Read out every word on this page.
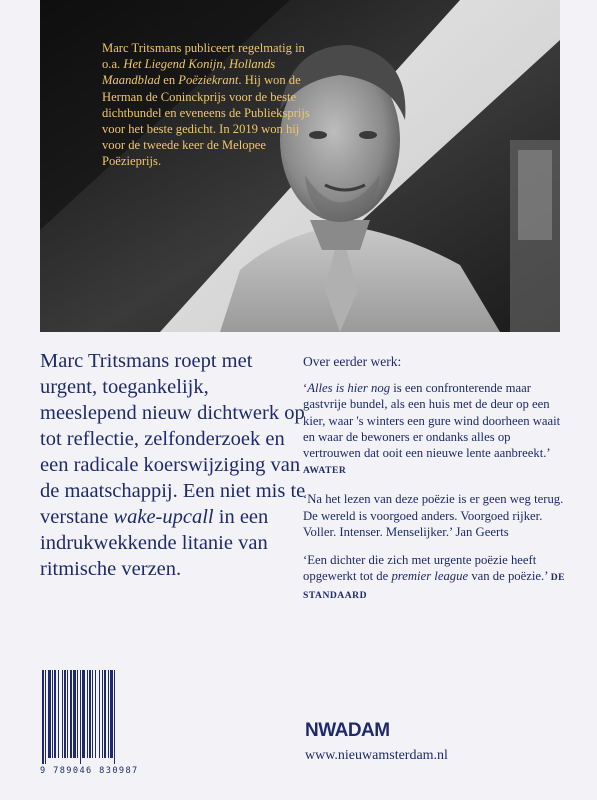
Marc Tritsmans publiceert regelmatig in o.a. Het Liegend Konijn, Hollands Maandblad en Poëziekrant. Hij won de Herman de Coninckprijs voor de beste dichtbundel en eveneens de Publieksprijs voor het beste gedicht. In 2019 won hij voor de tweede keer de Melopee Poëzieprijs.

Marc Tritsmans roept met urgent, toegankelijk, meeslepend nieuw dichtwerk op tot reflectie, zelfonderzoek en een radicale koerswijziging van de maatschappij. Een niet mis te verstane wake-upcall in een indrukwekkende litanie van ritmische verzen.

Over eerder werk:

‘Alles is hier nog is een confronterende maar gastvrije bundel, als een huis met de deur op een kier, waar 's winters een gure wind doorheen waait en waar de bewoners er ondanks alles op vertrouwen dat ooit een nieuwe lente aanbreekt.’ AWATER

‘Na het lezen van deze poëzie is er geen weg terug. De wereld is voorgoed anders. Voorgoed rijker. Voller. Intenser. Menselijker.’ Jan Geerts

‘Een dichter die zich met urgente poëzie heeft opgewerkt tot de premier league van de poëzie.’ DE STANDAARD

9 789046 830987
NWADAM
www.nieuwamsterdam.nl
